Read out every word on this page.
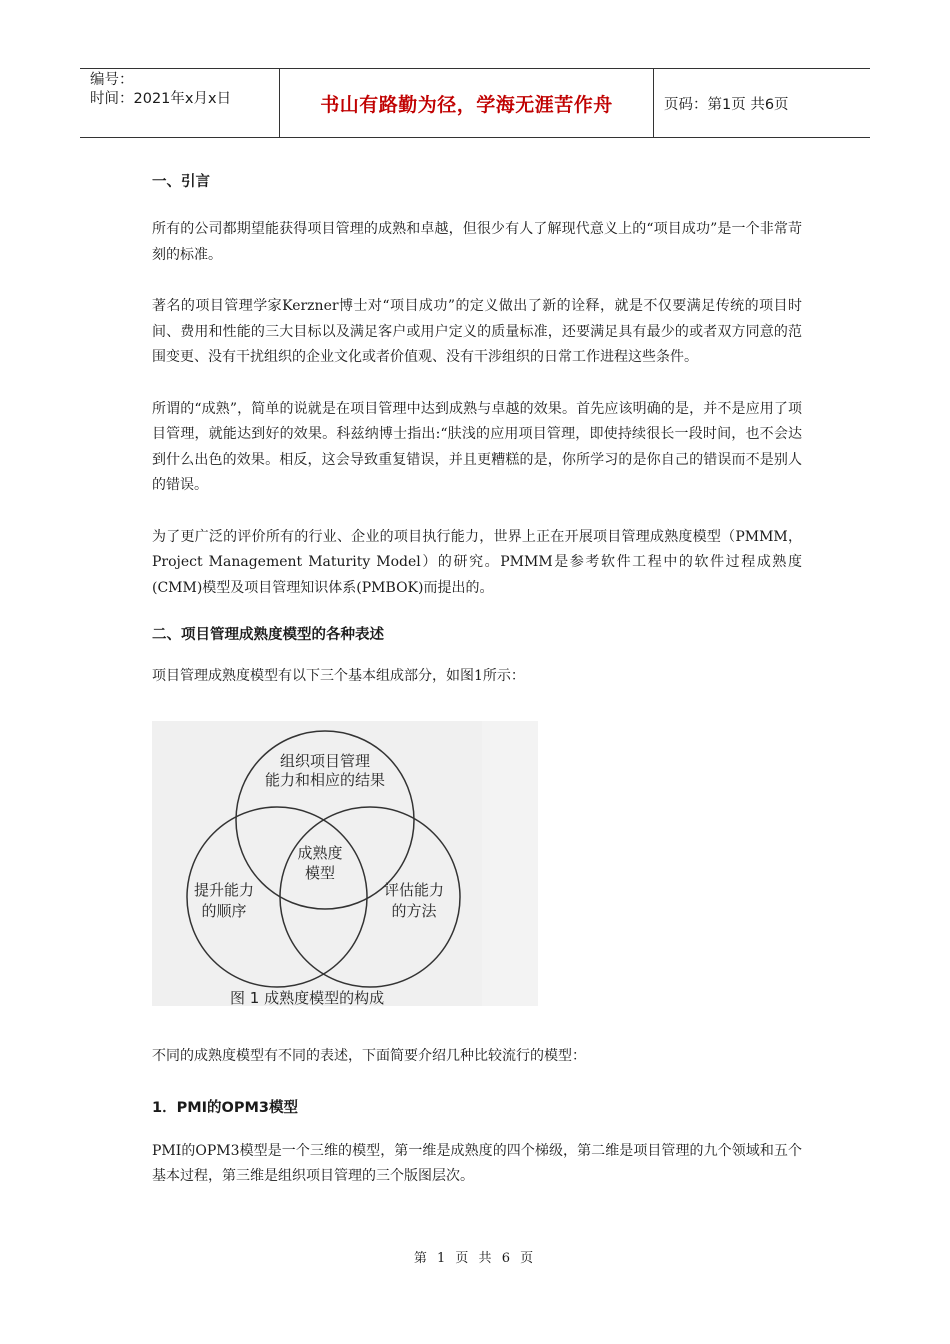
编号：
时间：2021年x月x日	书山有路勤为径，学海无涯苦作舟	页码：第1页 共6页
一、引言

所有的公司都期望能获得项目管理的成熟和卓越，但很少有人了解现代意义上的“项目成功”是一个非常苛刻的标准。

著名的项目管理学家Kerzner博士对“项目成功”的定义做出了新的诠释，就是不仅要满足传统的项目时间、费用和性能的三大目标以及满足客户或用户定义的质量标准，还要满足具有最少的或者双方同意的范围变更、没有干扰组织的企业文化或者价值观、没有干涉组织的日常工作进程这些条件。

所谓的“成熟”，简单的说就是在项目管理中达到成熟与卓越的效果。首先应该明确的是，并不是应用了项目管理，就能达到好的效果。科兹纳博士指出:“肤浅的应用项目管理，即使持续很长一段时间，也不会达到什么出色的效果。相反，这会导致重复错误，并且更糟糕的是，你所学习的是你自己的错误而不是别人的错误。

为了更广泛的评价所有的行业、企业的项目执行能力，世界上正在开展项目管理成熟度模型（PMMM，Project Management Maturity Model）的研究。PMMM是参考软件工程中的软件过程成熟度(CMM)模型及项目管理知识体系(PMBOK)而提出的。

二、项目管理成熟度模型的各种表述

项目管理成熟度模型有以下三个基本组成部分，如图1所示：

组织项目管理
能力和相应的结果
成熟度
模型
提升能力
的顺序
评估能力
的方法
图 1 成熟度模型的构成

不同的成熟度模型有不同的表述，下面简要介绍几种比较流行的模型：

1．PMI的OPM3模型

PMI的OPM3模型是一个三维的模型，第一维是成熟度的四个梯级，第二维是项目管理的九个领域和五个基本过程，第三维是组织项目管理的三个版图层次。

第 1 页 共 6 页
